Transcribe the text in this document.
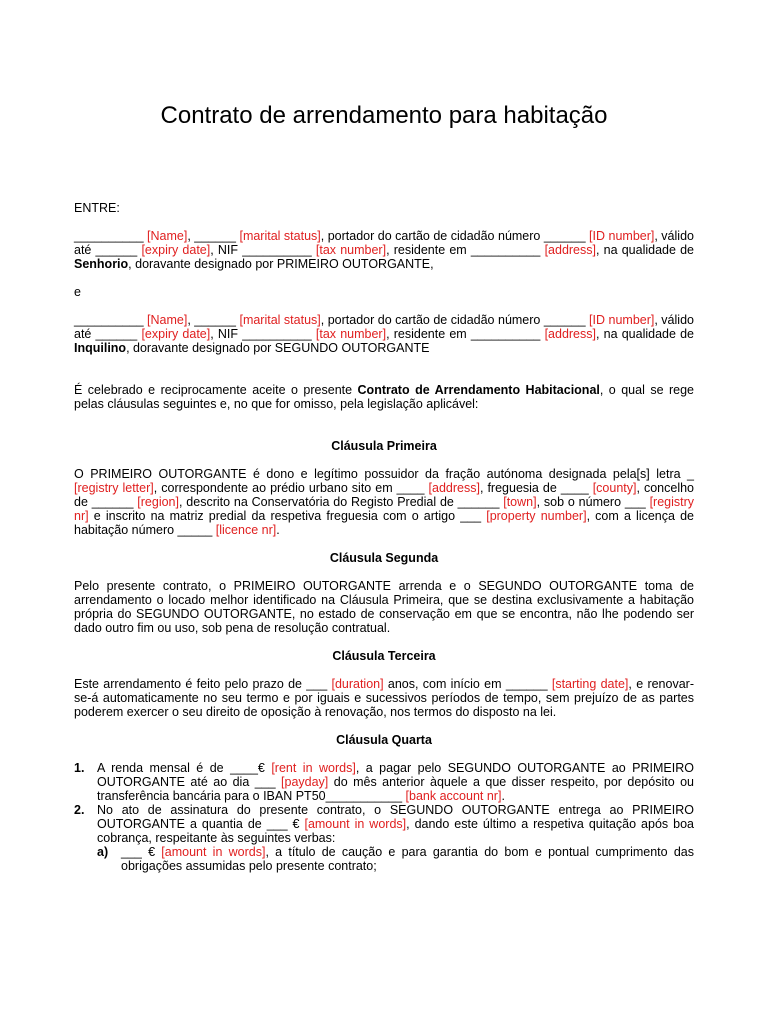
Contrato de arrendamento para habitação

ENTRE:

__________ [Name], ______ [marital status], portador do cartão de cidadão número ______ [ID number], válido até ______ [expiry date], NIF __________ [tax number], residente em __________ [address], na qualidade de Senhorio, doravante designado por PRIMEIRO OUTORGANTE,

e

__________ [Name], ______ [marital status], portador do cartão de cidadão número ______ [ID number], válido até ______ [expiry date], NIF __________ [tax number], residente em __________ [address], na qualidade de Inquilino, doravante designado por SEGUNDO OUTORGANTE

É celebrado e reciprocamente aceite o presente Contrato de Arrendamento Habitacional, o qual se rege pelas cláusulas seguintes e, no que for omisso, pela legislação aplicável:

Cláusula Primeira

O PRIMEIRO OUTORGANTE é dono e legítimo possuidor da fração autónoma designada pela[s] letra _ [registry letter], correspondente ao prédio urbano sito em ____ [address], freguesia de ____ [county], concelho de ______ [region], descrito na Conservatória do Registo Predial de ______ [town], sob o número ___ [registry nr] e inscrito na matriz predial da respetiva freguesia com o artigo ___ [property number], com a licença de habitação número _____ [licence nr].

Cláusula Segunda

Pelo presente contrato, o PRIMEIRO OUTORGANTE arrenda e o SEGUNDO OUTORGANTE toma de arrendamento o locado melhor identificado na Cláusula Primeira, que se destina exclusivamente a habitação própria do SEGUNDO OUTORGANTE, no estado de conservação em que se encontra, não lhe podendo ser dado outro fim ou uso, sob pena de resolução contratual.

Cláusula Terceira

Este arrendamento é feito pelo prazo de ___ [duration] anos, com início em ______ [starting date], e renovar-se-á automaticamente no seu termo e por iguais e sucessivos períodos de tempo, sem prejuízo de as partes poderem exercer o seu direito de oposição à renovação, nos termos do disposto na lei.

Cláusula Quarta

1. A renda mensal é de ____€ [rent in words], a pagar pelo SEGUNDO OUTORGANTE ao PRIMEIRO OUTORGANTE até ao dia ___ [payday] do mês anterior àquele a que disser respeito, por depósito ou transferência bancária para o IBAN PT50___________ [bank account nr].
2. No ato de assinatura do presente contrato, o SEGUNDO OUTORGANTE entrega ao PRIMEIRO OUTORGANTE a quantia de ___ € [amount in words], dando este último a respetiva quitação após boa cobrança, respeitante às seguintes verbas:
a) ___ € [amount in words], a título de caução e para garantia do bom e pontual cumprimento das obrigações assumidas pelo presente contrato;
